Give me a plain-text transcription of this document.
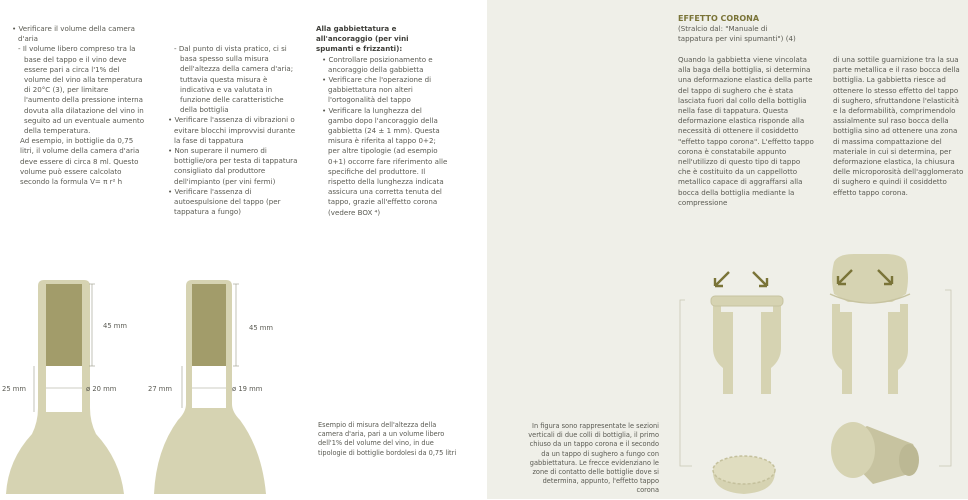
• Verificare il volume della camera d'aria

- Il volume libero compreso tra la base del tappo e il vino deve essere pari a circa l'1% del volume del vino alla temperatura di 20°C (3), per limitare l'aumento della pressione interna dovuta alla dilatazione del vino in seguito ad un eventuale aumento della temperatura.

Ad esempio, in bottiglie da 0,75 litri, il volume della camera d'aria deve essere di circa 8 ml. Questo volume può essere calcolato secondo la formula V= π r² h

- Dal punto di vista pratico, ci si basa spesso sulla misura dell'altezza della camera d'aria; tuttavia questa misura è indicativa e va valutata in funzione delle caratteristiche della bottiglia

• Verificare l'assenza di vibrazioni o evitare blocchi improvvisi durante la fase di tappatura

• Non superare il numero di bottiglie/ora per testa di tappatura consigliato dal produttore dell'impianto (per vini fermi)

• Verificare l'assenza di autoespulsione del tappo (per tappatura a fungo)

Alla gabbiettatura e all'ancoraggio (per vini spumanti e frizzanti):

• Controllare posizionamento e ancoraggio della gabbietta

• Verificare che l'operazione di gabbiettatura non alteri l'ortogonalità del tappo

• Verificare la lunghezza del gambo dopo l'ancoraggio della gabbietta (24 ± 1 mm). Questa misura è riferita al tappo 0+2; per altre tipologie (ad esempio 0+1) occorre fare riferimento alle specifiche del produttore. Il rispetto della lunghezza indicata assicura una corretta tenuta del tappo, grazie all'effetto corona (vedere BOX ⁴)

45 mm
25 mm	ø 20 mm
45 mm
27 mm	ø 19 mm
Esempio di misura dell'altezza della camera d'aria, pari a un volume libero dell'1% del volume del vino, in due tipologie di bottiglie bordolesi da 0,75 litri

EFFETTO CORONA

(Stralcio dal: "Manuale di tappatura per vini spumanti") (4)

Quando la gabbietta viene vincolata alla baga della bottiglia, si determina una deformazione elastica della parte del tappo di sughero che è stata lasciata fuori dal collo della bottiglia nella fase di tappatura. Questa deformazione elastica risponde alla necessità di ottenere il cosiddetto "effetto tappo corona". L'effetto tappo corona è constatabile appunto nell'utilizzo di questo tipo di tappo che è costituito da un cappellotto metallico capace di aggraffarsi alla bocca della bottiglia mediante la compressione
di una sottile guarnizione tra la sua parte metallica e il raso bocca della bottiglia. La gabbietta riesce ad ottenere lo stesso effetto del tappo di sughero, sfruttandone l'elasticità e la deformabilità, comprimendolo assialmente sul raso bocca della bottiglia sino ad ottenere una zona di massima compattazione del materiale in cui si determina, per deformazione elastica, la chiusura delle microporosità dell'agglomerato di sughero e quindi il cosiddetto effetto tappo corona.
In figura sono rappresentate le sezioni verticali di due colli di bottiglia, il primo chiuso da un tappo corona e il secondo da un tappo di sughero a fungo con gabbiettatura. Le frecce evidenziano le zone di contatto delle bottiglie dove si determina, appunto, l'effetto tappo corona
